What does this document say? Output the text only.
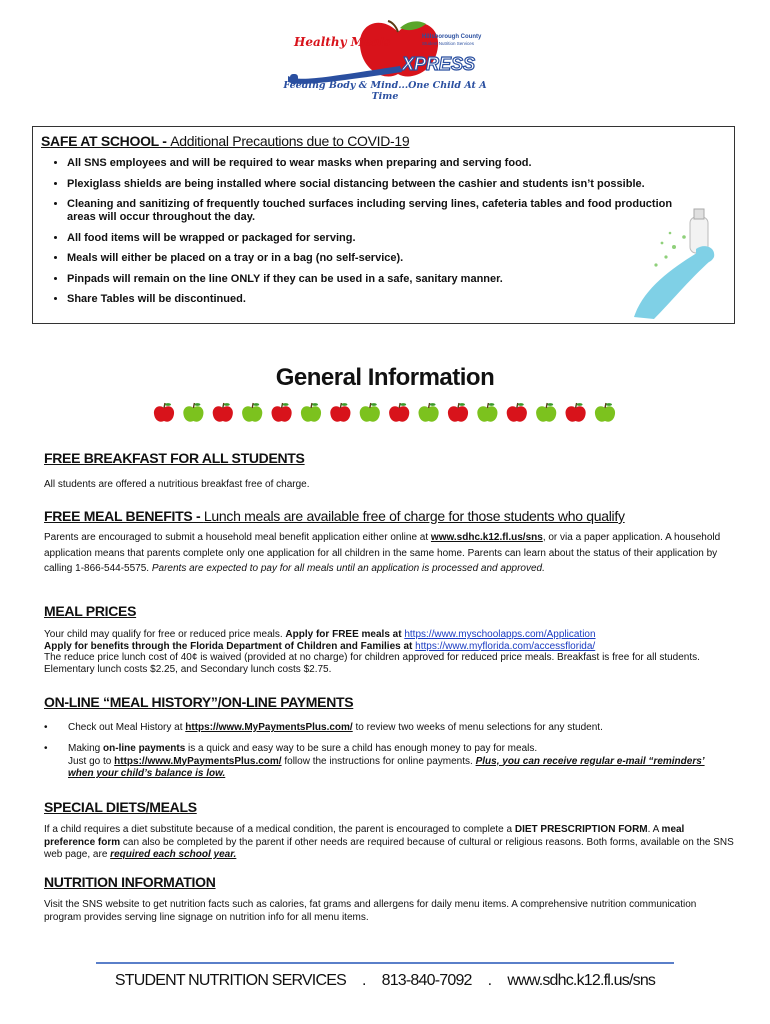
Healthy Meals	Hillsborough County
Student Nutrition Services
XPRESS
Feeding Body & Mind...One Child At A Time
SAFE AT SCHOOL - Additional Precautions due to COVID-19
• All SNS employees and will be required to wear masks when preparing and serving food.
• Plexiglass shields are being installed where social distancing between the cashier and students isn’t possible.
• Cleaning and sanitizing of frequently touched surfaces including serving lines, cafeteria tables and food production areas will occur throughout the day.
• All food items will be wrapped or packaged for serving.
• Meals will either be placed on a tray or in a bag (no self-service).
• Pinpads will remain on the line ONLY if they can be used in a safe, sanitary manner.
• Share Tables will be discontinued.
General Information
FREE BREAKFAST FOR ALL STUDENTS

All students are offered a nutritious breakfast free of charge.

FREE MEAL BENEFITS - Lunch meals are available free of charge for those students who qualify

Parents are encouraged to submit a household meal benefit application either online at www.sdhc.k12.fl.us/sns, or via a paper application. A household application means that parents complete only one application for all children in the same home. Parents can learn about the status of their application by calling 1-866-544-5575. Parents are expected to pay for all meals until an application is processed and approved.

MEAL PRICES

Your child may qualify for free or reduced price meals. Apply for FREE meals at https://www.myschoolapps.com/Application
Apply for benefits through the Florida Department of Children and Families at https://www.myflorida.com/accessflorida/
The reduce price lunch cost of 40¢ is waived (provided at no charge) for children approved for reduced price meals. Breakfast is free for all students. Elementary lunch costs $2.25, and Secondary lunch costs $2.75.

ON-LINE “MEAL HISTORY”/ON-LINE PAYMENTS
• Check out Meal History at https://www.MyPaymentsPlus.com/ to review two weeks of menu selections for any student.
• Making on-line payments is a quick and easy way to be sure a child has enough money to pay for meals.
Just go to https://www.MyPaymentsPlus.com/ follow the instructions for online payments. Plus, you can receive regular e-mail “reminders’ when your child’s balance is low.
SPECIAL DIETS/MEALS

If a child requires a diet substitute because of a medical condition, the parent is encouraged to complete a DIET PRESCRIPTION FORM. A meal preference form can also be completed by the parent if other needs are required because of cultural or religious reasons. Both forms, available on the SNS web page, are required each school year.

NUTRITION INFORMATION

Visit the SNS website to get nutrition facts such as calories, fat grams and allergens for daily menu items. A comprehensive nutrition communication program provides serving line signage on nutrition info for all menu items.

STUDENT NUTRITION SERVICES . 813-840-7092 . www.sdhc.k12.fl.us/sns
